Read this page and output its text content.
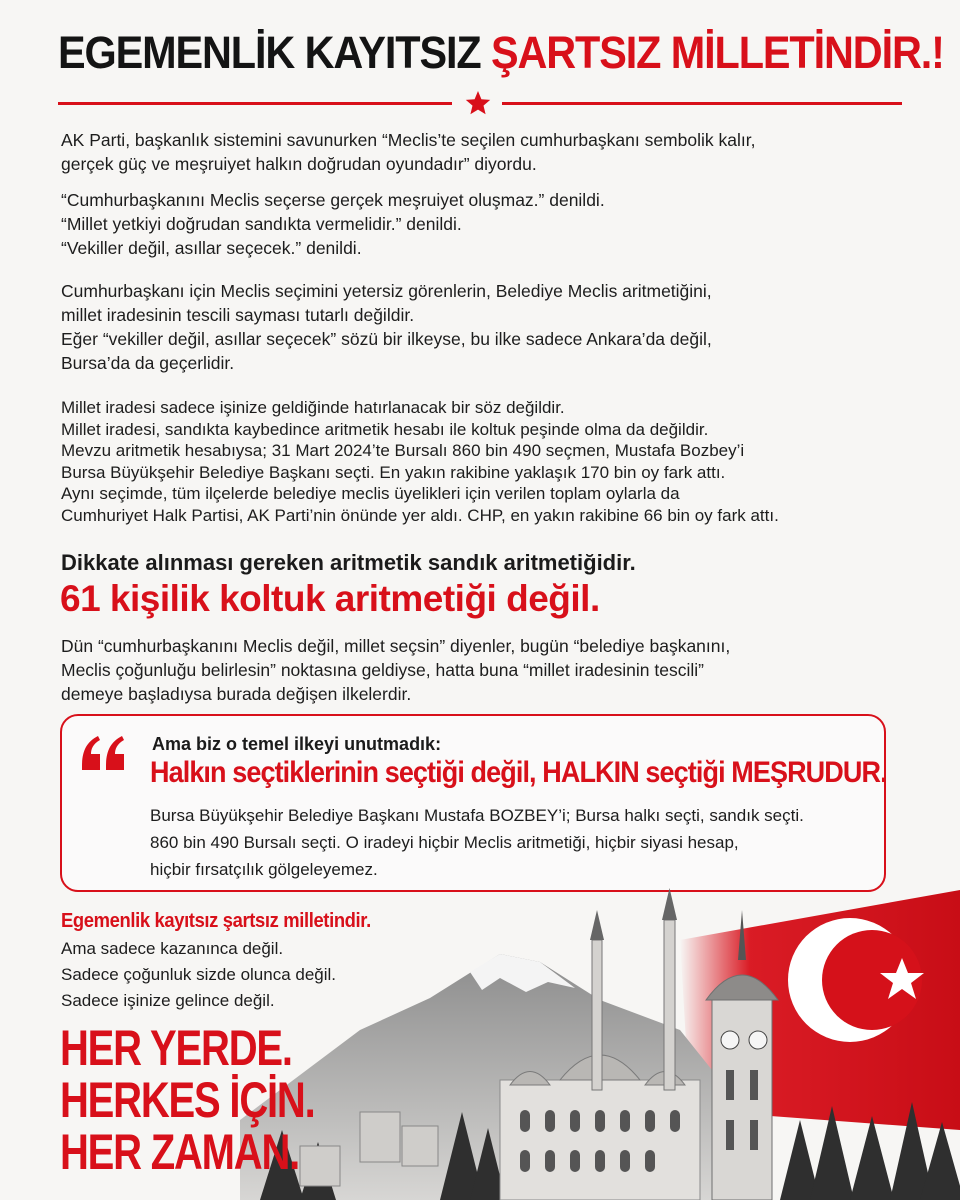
EGEMENLİK KAYITSIZ ŞARTSIZ MİLLETİNDİR.!
AK Parti, başkanlık sistemini savunurken “Meclis’te seçilen cumhurbaşkanı sembolik kalır,
gerçek güç ve meşruiyet halkın doğrudan oyundadır” diyordu.
“Cumhurbaşkanını Meclis seçerse gerçek meşruiyet oluşmaz.” denildi.
“Millet yetkiyi doğrudan sandıkta vermelidir.” denildi.
“Vekiller değil, asıllar seçecek.” denildi.
Cumhurbaşkanı için Meclis seçimini yetersiz görenlerin, Belediye Meclis aritmetiğini,
millet iradesinin tescili sayması tutarlı değildir.
Eğer “vekiller değil, asıllar seçecek” sözü bir ilkeyse, bu ilke sadece Ankara’da değil,
Bursa’da da geçerlidir.
Millet iradesi sadece işinize geldiğinde hatırlanacak bir söz değildir.
Millet iradesi, sandıkta kaybedince aritmetik hesabı ile koltuk peşinde olma da değildir.
Mevzu aritmetik hesabıysa; 31 Mart 2024’te Bursalı 860 bin 490 seçmen, Mustafa Bozbey’i
Bursa Büyükşehir Belediye Başkanı seçti. En yakın rakibine yaklaşık 170 bin oy fark attı.
Aynı seçimde, tüm ilçelerde belediye meclis üyelikleri için verilen toplam oylarla da
Cumhuriyet Halk Partisi, AK Parti’nin önünde yer aldı. CHP, en yakın rakibine 66 bin oy fark attı.
Dikkate alınması gereken aritmetik sandık aritmetiğidir.
61 kişilik koltuk aritmetiği değil.
Dün “cumhurbaşkanını Meclis değil, millet seçsin” diyenler, bugün “belediye başkanını,
Meclis çoğunluğu belirlesin” noktasına geldiyse, hatta buna “millet iradesinin tescili”
demeye başladıysa burada değişen ilkelerdir.
Ama biz o temel ilkeyi unutmadık:
Halkın seçtiklerinin seçtiği değil, HALKIN seçtiği MEŞRUDUR.
Bursa Büyükşehir Belediye Başkanı Mustafa BOZBEY’i; Bursa halkı seçti, sandık seçti.
860 bin 490 Bursalı seçti. O iradeyi hiçbir Meclis aritmetiği, hiçbir siyasi hesap,
hiçbir fırsatçılık gölgeleyemez.
Egemenlik kayıtsız şartsız milletindir.
Ama sadece kazanınca değil.
Sadece çoğunluk sizde olunca değil.
Sadece işinize gelince değil.
HER YERDE.
HERKES İÇİN.
HER ZAMAN.
